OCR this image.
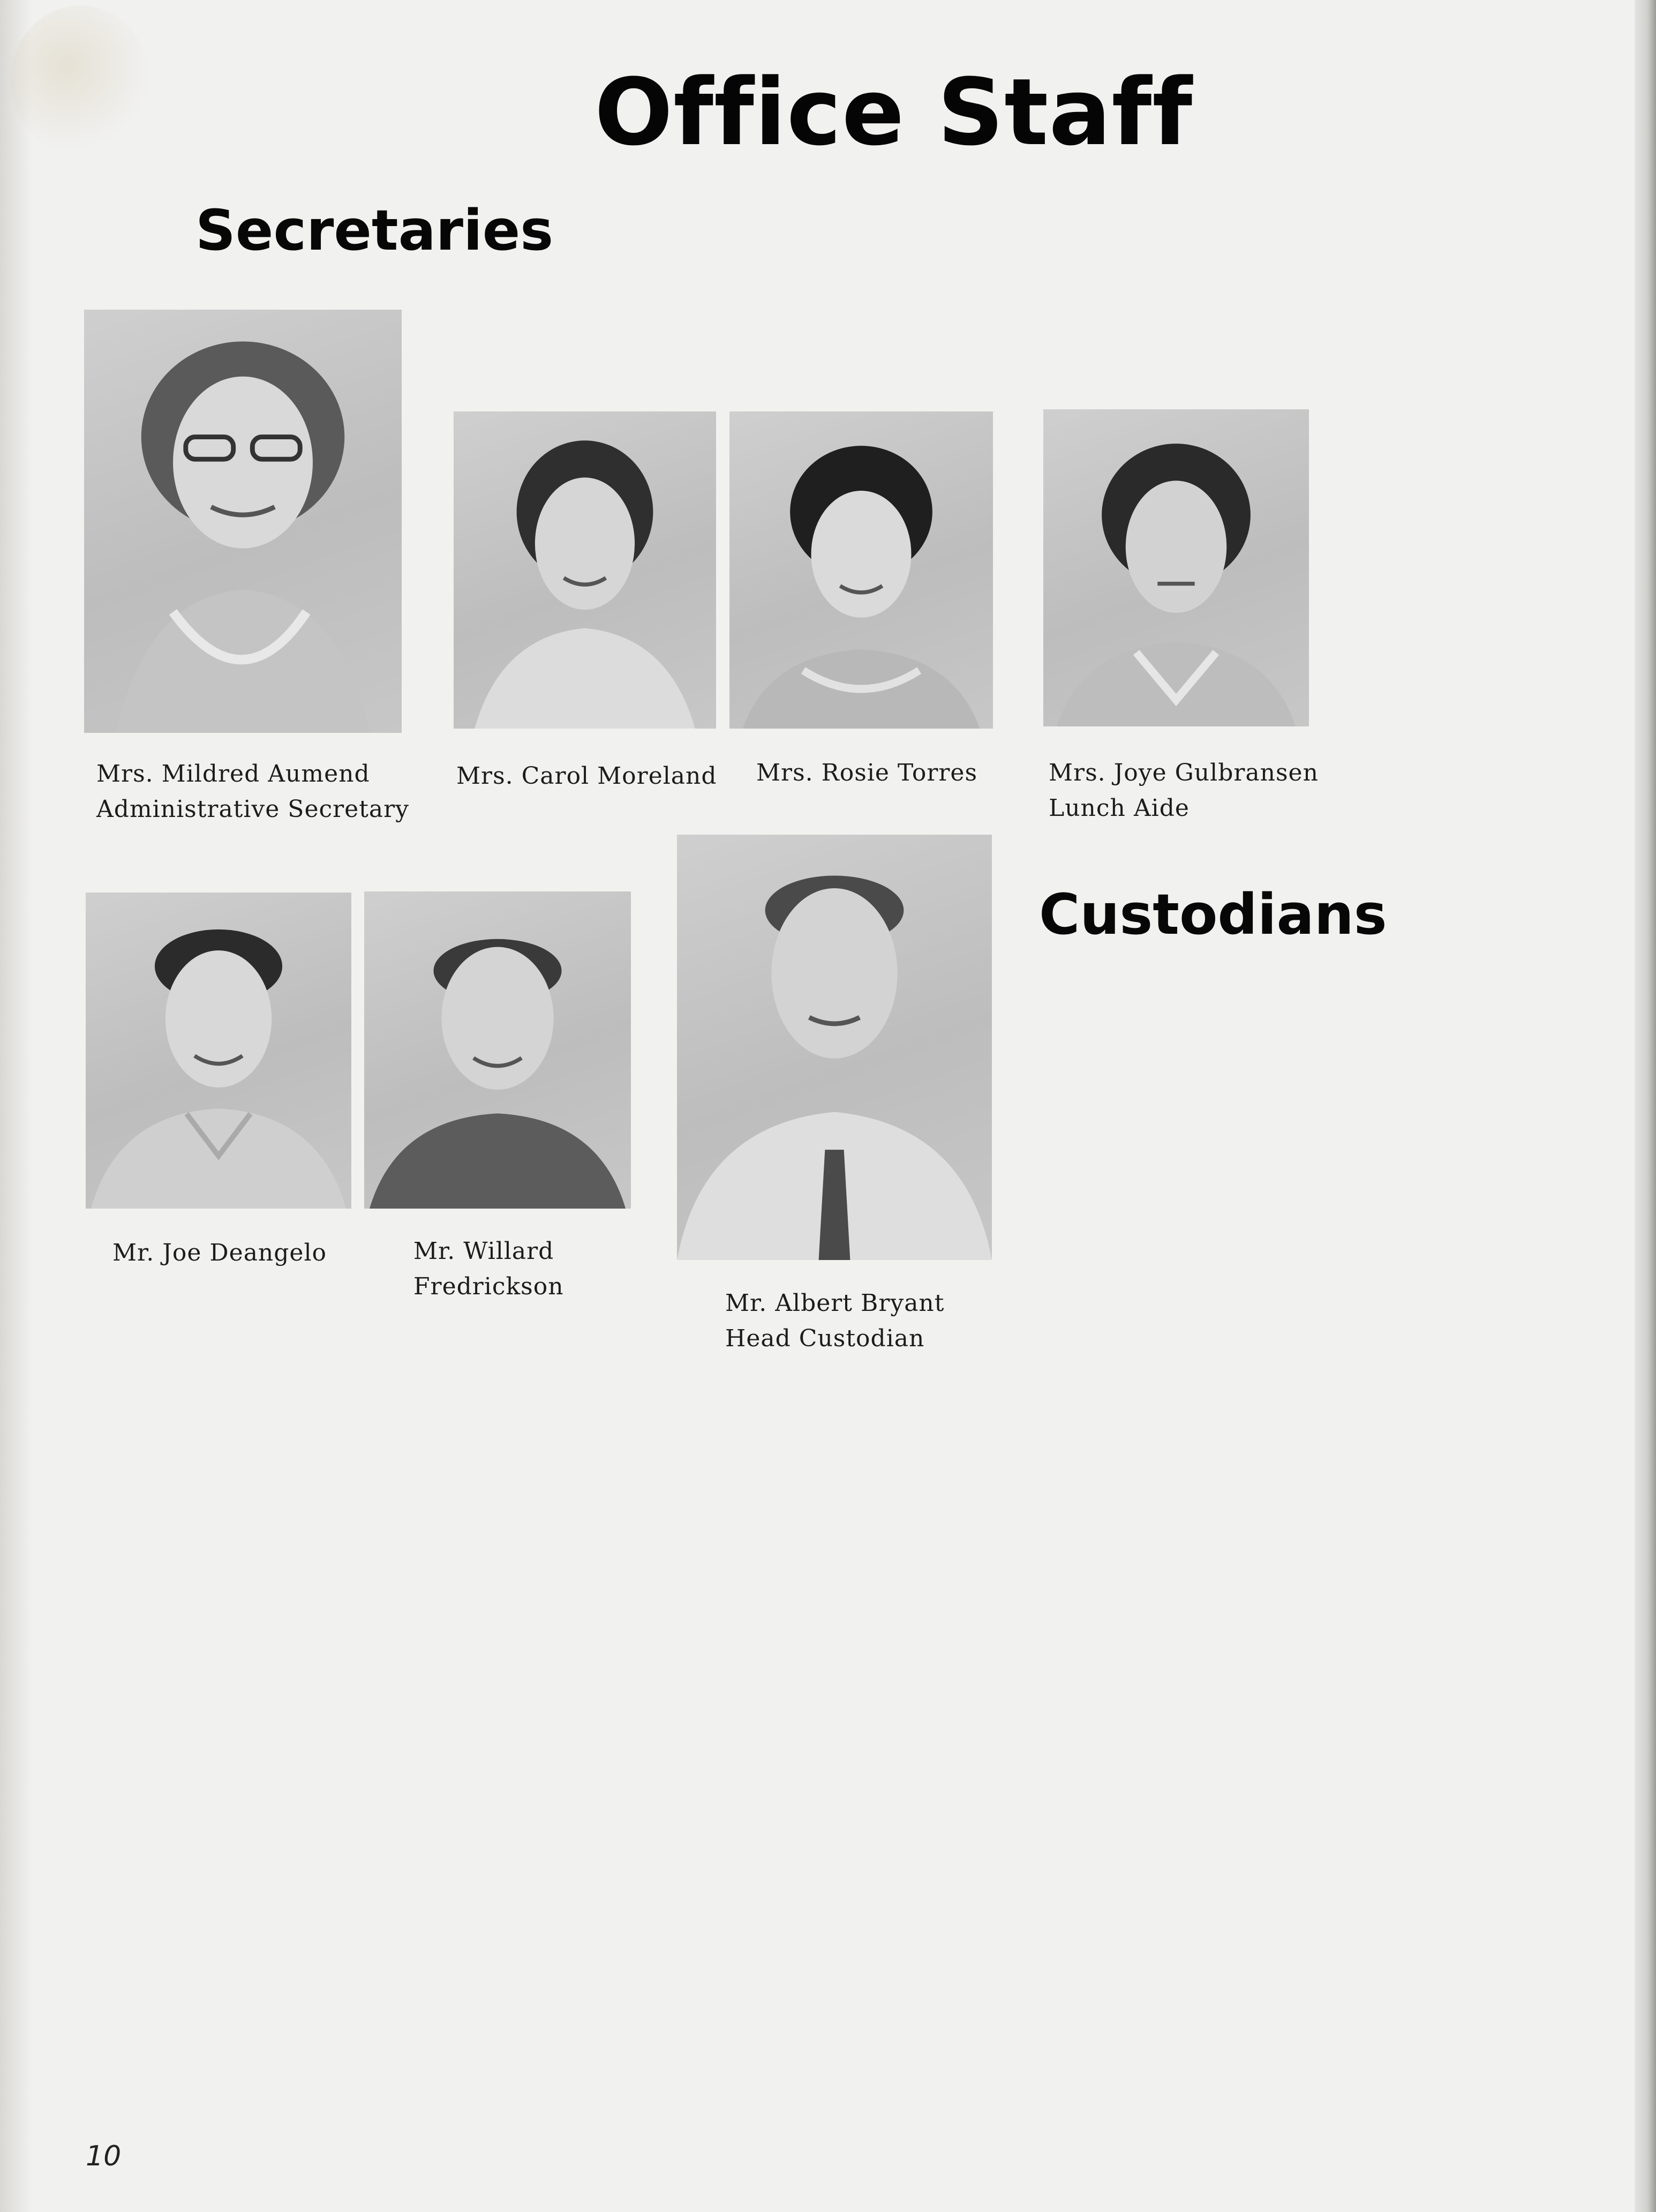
Office Staff
Secretaries
Mrs. Mildred Aumend
Administrative Secretary
Mrs. Carol Moreland Mrs. Rosie Torres	Mrs. Joye Gulbransen
Lunch Aide
Custodians
Mr. Joe Deangelo	Mr. Willard
Fredrickson
Mr. Albert Bryant
Head Custodian
10
